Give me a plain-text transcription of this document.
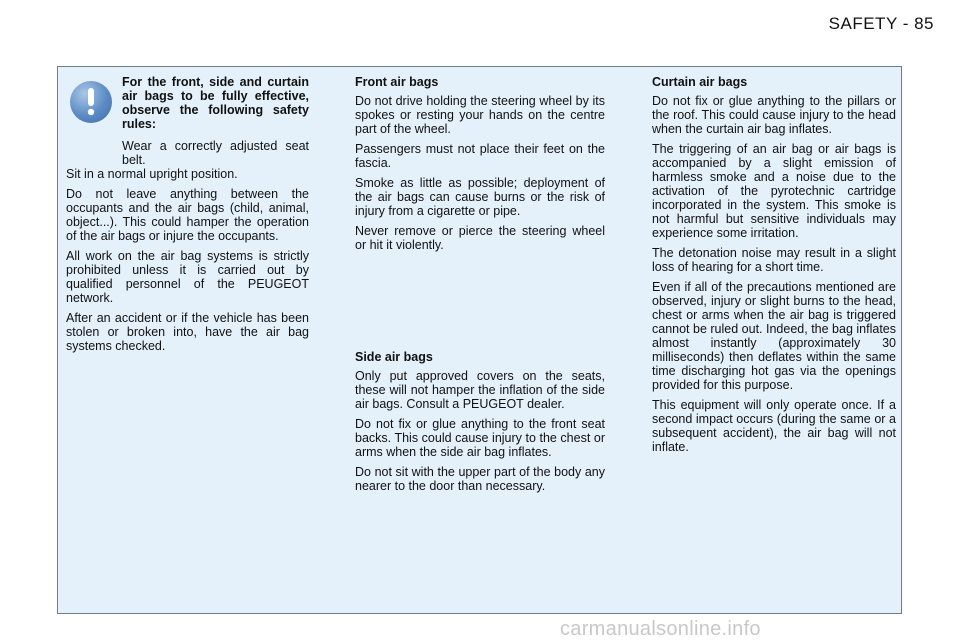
SAFETY - 85

For the front, side and curtain air bags to be fully effective, observe the following safety rules:

Wear a correctly adjusted seat belt.

Sit in a normal upright position.

Do not leave anything between the occupants and the air bags (child, animal, object...). This could hamper the operation of the air bags or injure the occupants.

All work on the air bag systems is strictly prohibited unless it is carried out by qualified personnel of the PEUGEOT network.

After an accident or if the vehicle has been stolen or broken into, have the air bag systems checked.

Front air bags

Do not drive holding the steering wheel by its spokes or resting your hands on the centre part of the wheel.

Passengers must not place their feet on the fascia.

Smoke as little as possible; deployment of the air bags can cause burns or the risk of injury from a cigarette or pipe.

Never remove or pierce the steering wheel or hit it violently.

Side air bags

Only put approved covers on the seats, these will not hamper the inflation of the side air bags. Consult a PEUGEOT dealer.

Do not fix or glue anything to the front seat backs. This could cause injury to the chest or arms when the side air bag inflates.

Do not sit with the upper part of the body any nearer to the door than necessary.

Curtain air bags

Do not fix or glue anything to the pillars or the roof. This could cause injury to the head when the curtain air bag inflates.

The triggering of an air bag or air bags is accompanied by a slight emission of harmless smoke and a noise due to the activation of the pyrotechnic cartridge incorporated in the system. This smoke is not harmful but sensitive individuals may experience some irritation.

The detonation noise may result in a slight loss of hearing for a short time.

Even if all of the precautions mentioned are observed, injury or slight burns to the head, chest or arms when the air bag is triggered cannot be ruled out. Indeed, the bag inflates almost instantly (approximately 30 milliseconds) then deflates within the same time discharging hot gas via the openings provided for this purpose.

This equipment will only operate once. If a second impact occurs (during the same or a subsequent accident), the air bag will not inflate.

carmanualsonline.info
